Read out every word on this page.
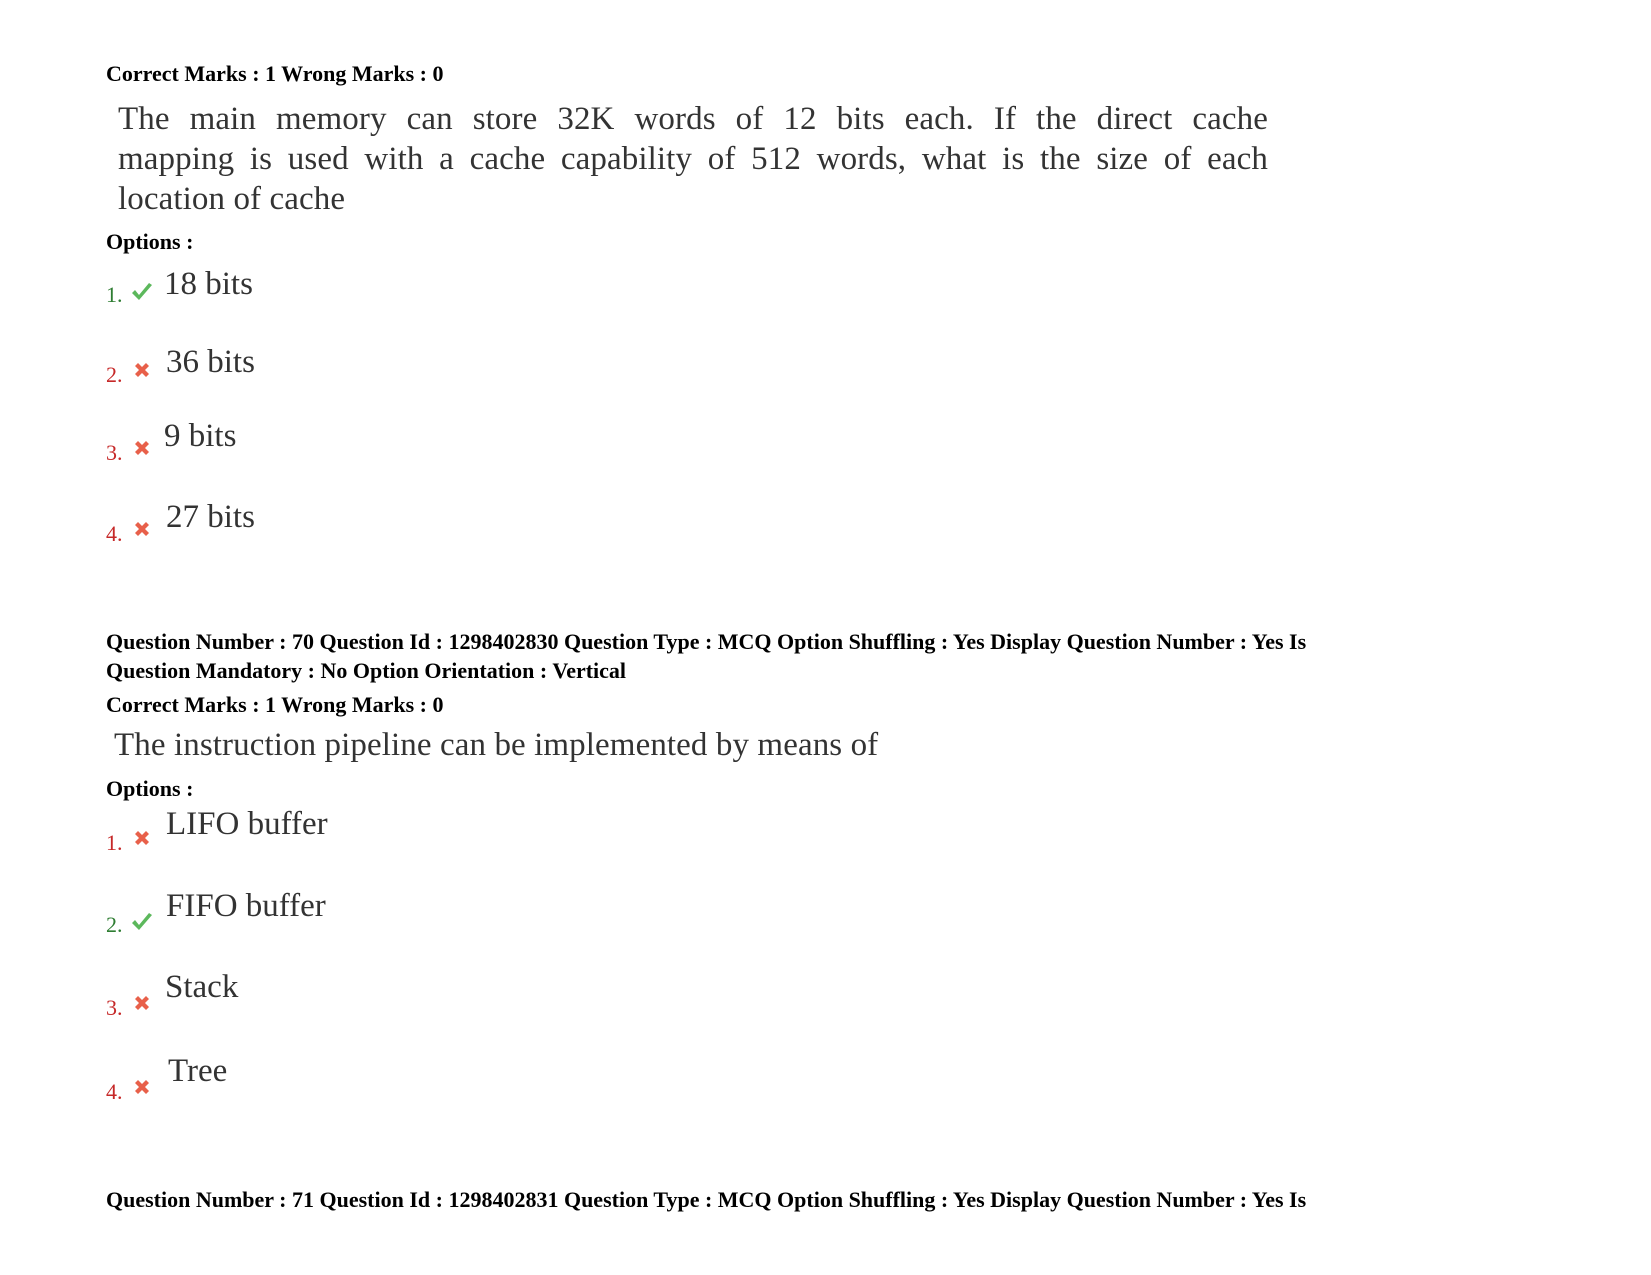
Correct Marks : 1 Wrong Marks : 0
The main memory can store 32K words of 12 bits each. If the direct cache
mapping is used with a cache capability of 512 words, what is the size of each
location of cache
Options :
1. 18 bits
2. 36 bits
3. 9 bits
4. 27 bits
Question Number : 70 Question Id : 1298402830 Question Type : MCQ Option Shuffling : Yes Display Question Number : Yes Is
Question Mandatory : No Option Orientation : Vertical
Correct Marks : 1 Wrong Marks : 0
The instruction pipeline can be implemented by means of
Options :
1.
LIFO buffer
2.
FIFO buffer
3.
Stack
4.
Tree
Question Number : 71 Question Id : 1298402831 Question Type : MCQ Option Shuffling : Yes Display Question Number : Yes Is
